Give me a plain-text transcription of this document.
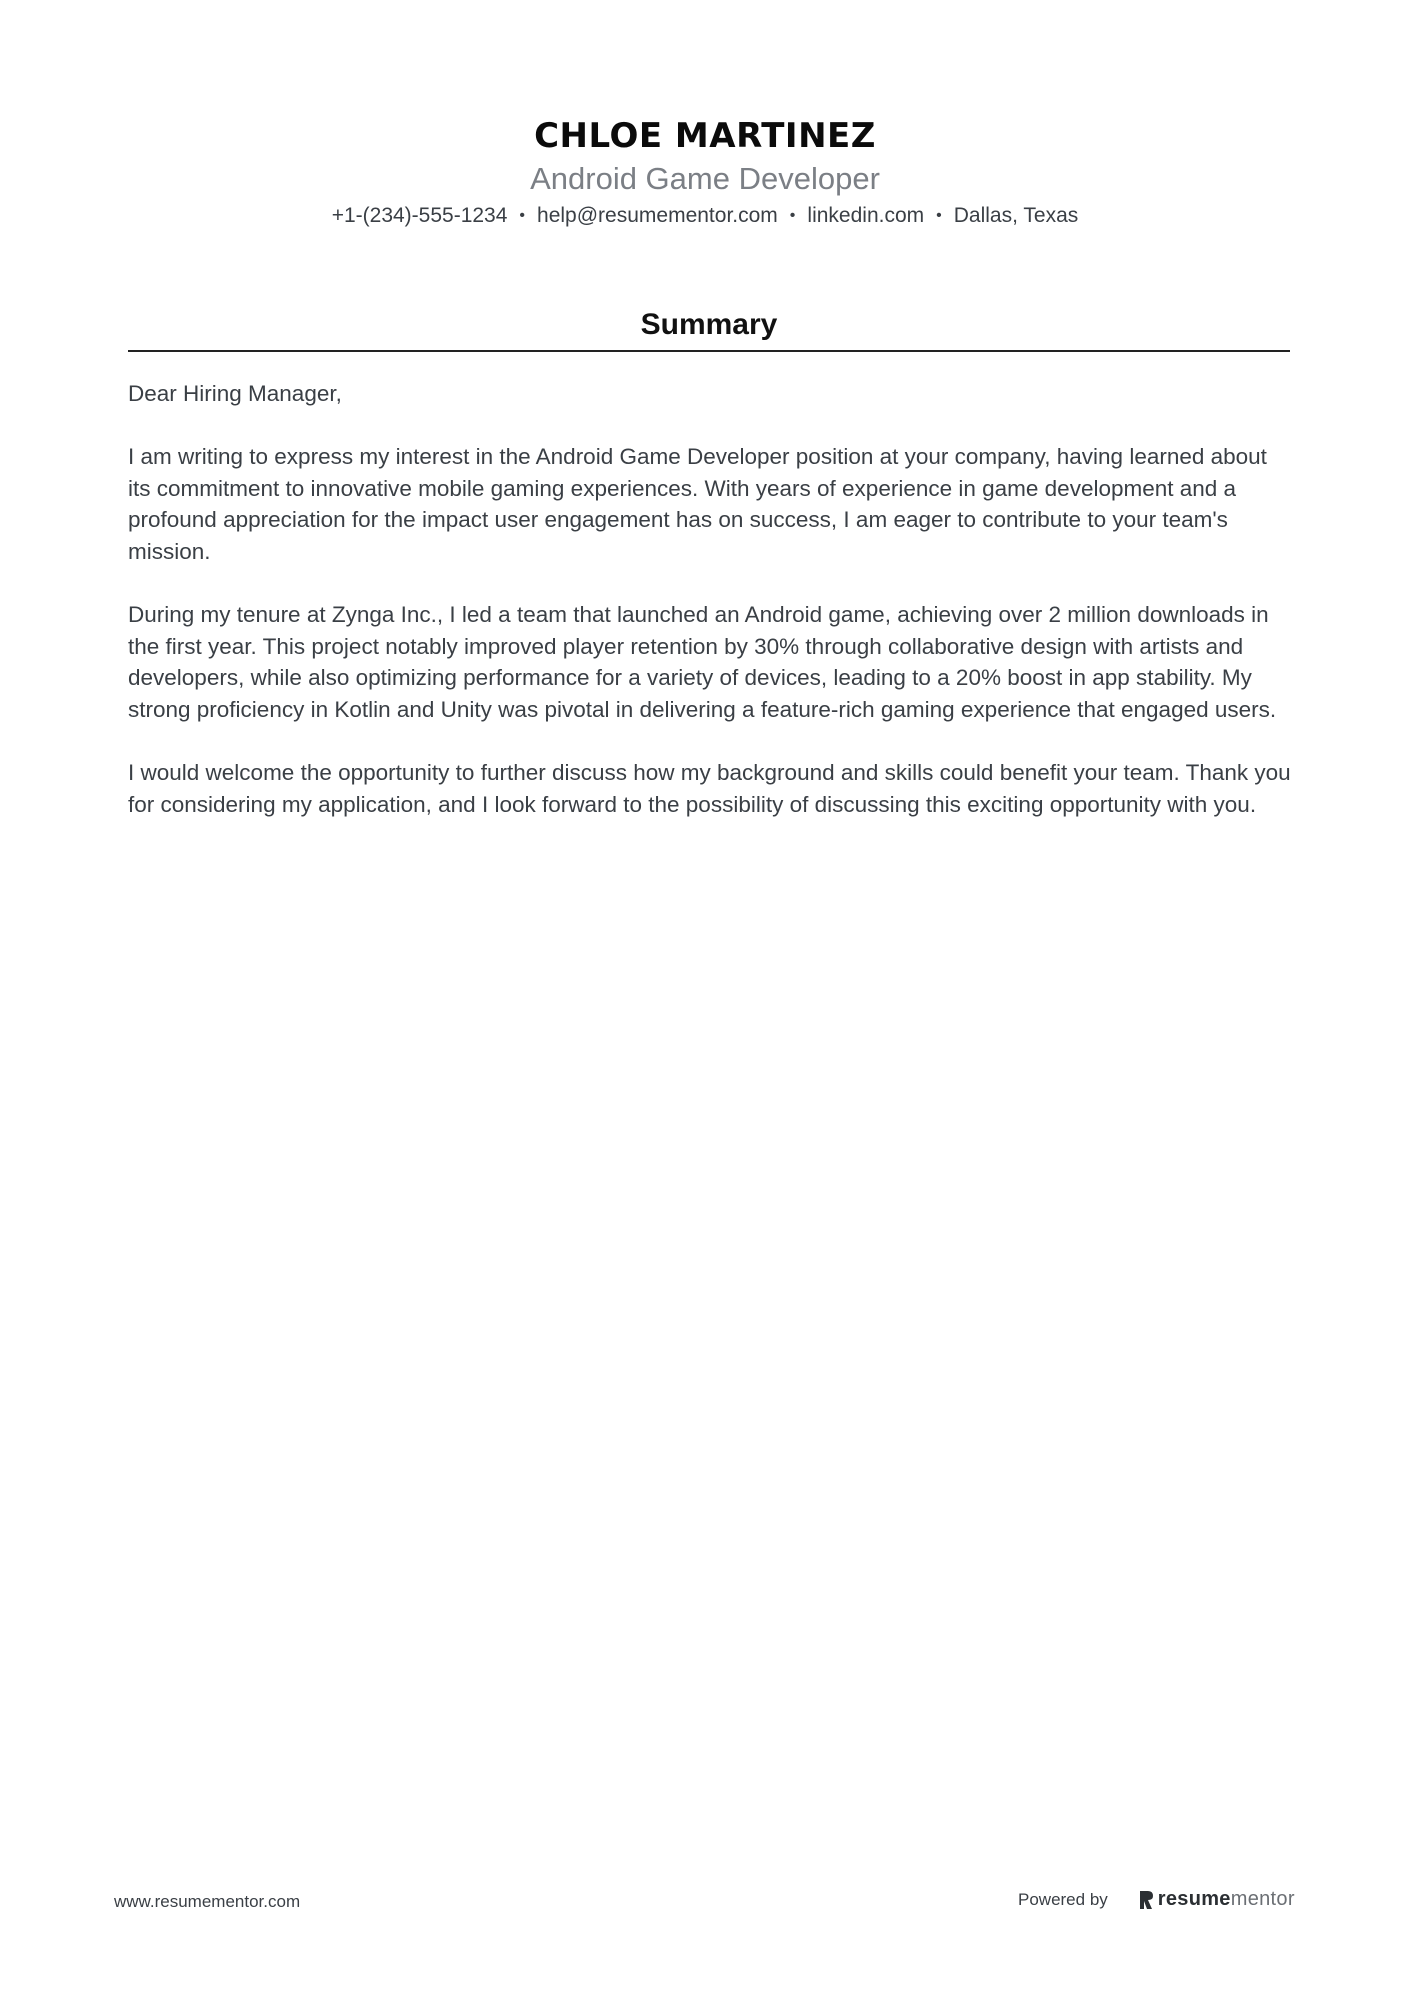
CHLOE MARTINEZ
Android Game Developer
+1-(234)-555-1234 • help@resumementor.com • linkedin.com • Dallas, Texas
Summary

Dear Hiring Manager,

I am writing to express my interest in the Android Game Developer position at your company, having learned about its commitment to innovative mobile gaming experiences. With years of experience in game development and a profound appreciation for the impact user engagement has on success, I am eager to contribute to your team's mission.

During my tenure at Zynga Inc., I led a team that launched an Android game, achieving over 2 million downloads in the first year. This project notably improved player retention by 30% through collaborative design with artists and developers, while also optimizing performance for a variety of devices, leading to a 20% boost in app stability. My strong proficiency in Kotlin and Unity was pivotal in delivering a feature-rich gaming experience that engaged users.

I would welcome the opportunity to further discuss how my background and skills could benefit your team. Thank you for considering my application, and I look forward to the possibility of discussing this exciting opportunity with you.

www.resumementor.com	Powered by	resume mentor
